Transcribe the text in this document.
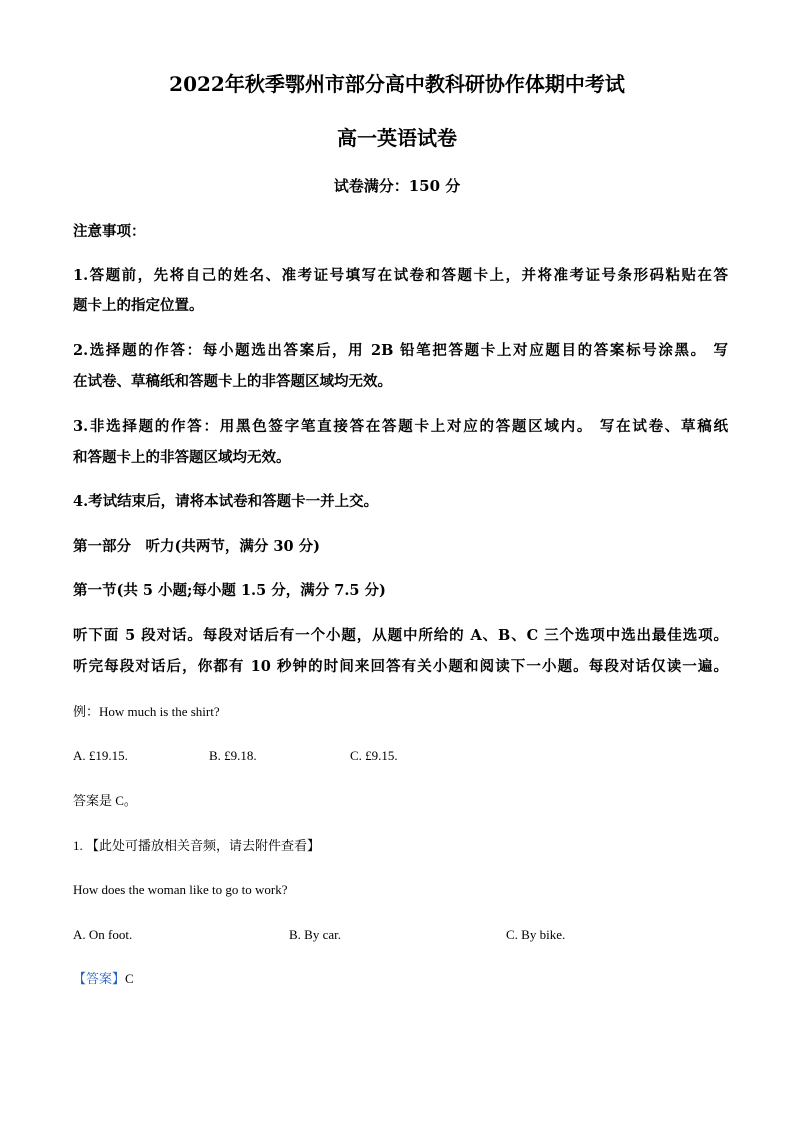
2022年秋季鄂州市部分高中教科研协作体期中考试
高一英语试卷
试卷满分：150 分
注意事项：
1.答题前，先将自己的姓名、准考证号填写在试卷和答题卡上，并将准考证号条形码粘贴在答
题卡上的指定位置。
2.选择题的作答：每小题选出答案后，用 2B 铅笔把答题卡上对应题目的答案标号涂黑。 写
在试卷、草稿纸和答题卡上的非答题区域均无效。
3.非选择题的作答：用黑色签字笔直接答在答题卡上对应的答题区域内。 写在试卷、草稿纸
和答题卡上的非答题区域均无效。
4.考试结束后，请将本试卷和答题卡一并上交。
第一部分　听力(共两节，满分 30 分)
第一节(共 5 小题;每小题 1.5 分，满分 7.5 分)
听下面 5 段对话。每段对话后有一个小题，从题中所给的 A、B、C 三个选项中选出最佳选项。
听完每段对话后，你都有 10 秒钟的时间来回答有关小题和阅读下一小题。每段对话仅读一遍。
例：How much is the shirt?
A. £19.15.	B. £9.18.	C. £9.15.
答案是 C。
1. 【此处可播放相关音频，请去附件查看】
How does the woman like to go to work?
A. On foot.	B. By car.	C. By bike.
【答案】C
